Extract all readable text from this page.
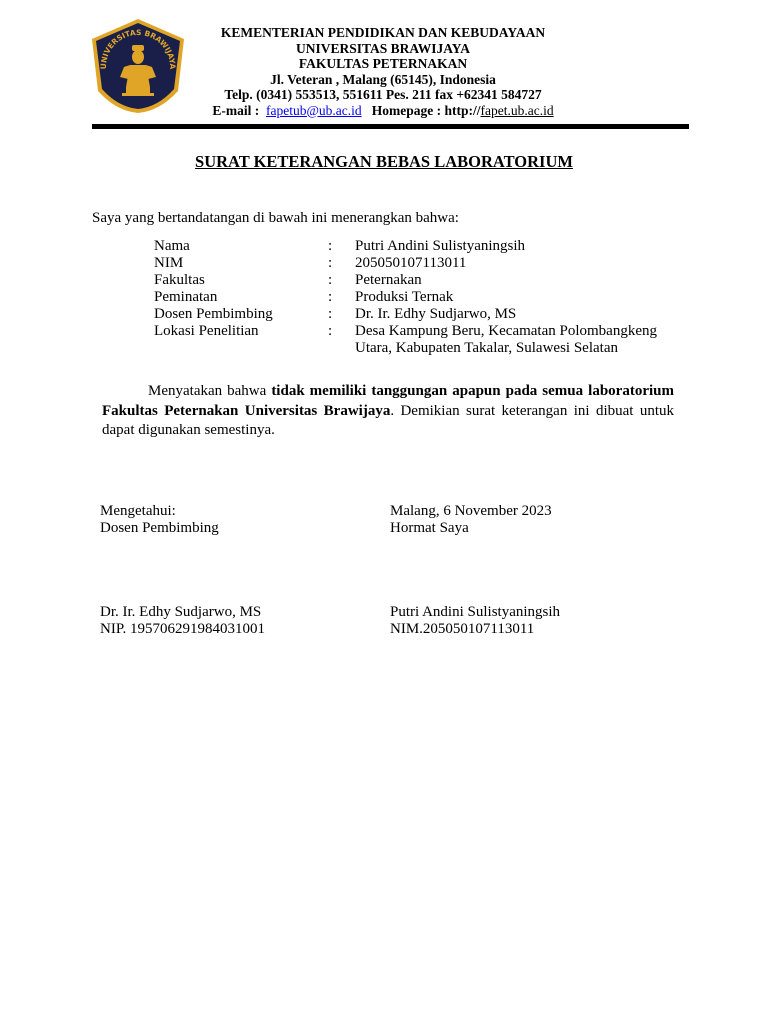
UNIVERSITAS BRAWIJAYA
KEMENTERIAN PENDIDIKAN DAN KEBUDAYAAN
UNIVERSITAS BRAWIJAYA
FAKULTAS PETERNAKAN
Jl. Veteran , Malang (65145), Indonesia
Telp. (0341) 553513, 551611 Pes. 211 fax +62341 584727
E-mail : fapetub@ub.ac.id Homepage : http://fapet.ub.ac.id
SURAT KETERANGAN BEBAS LABORATORIUM
Saya yang bertandatangan di bawah ini menerangkan bahwa:
Nama	: Putri Andini Sulistyaningsih
NIM	: 205050107113011
Fakultas	: Peternakan
Peminatan	: Produksi Ternak
Dosen Pembimbing	: Dr. Ir. Edhy Sudjarwo, MS
Lokasi Penelitian	: Desa Kampung Beru, Kecamatan Polombangkeng
Utara, Kabupaten Takalar, Sulawesi Selatan
Menyatakan bahwa tidak memiliki tanggungan apapun pada semua laboratorium Fakultas Peternakan Universitas Brawijaya. Demikian surat keterangan ini dibuat untuk dapat digunakan semestinya.
Mengetahui:
Dosen Pembimbing
Dr. Ir. Edhy Sudjarwo, MS
NIP. 195706291984031001
Malang, 6 November 2023
Hormat Saya
Putri Andini Sulistyaningsih
NIM.205050107113011
